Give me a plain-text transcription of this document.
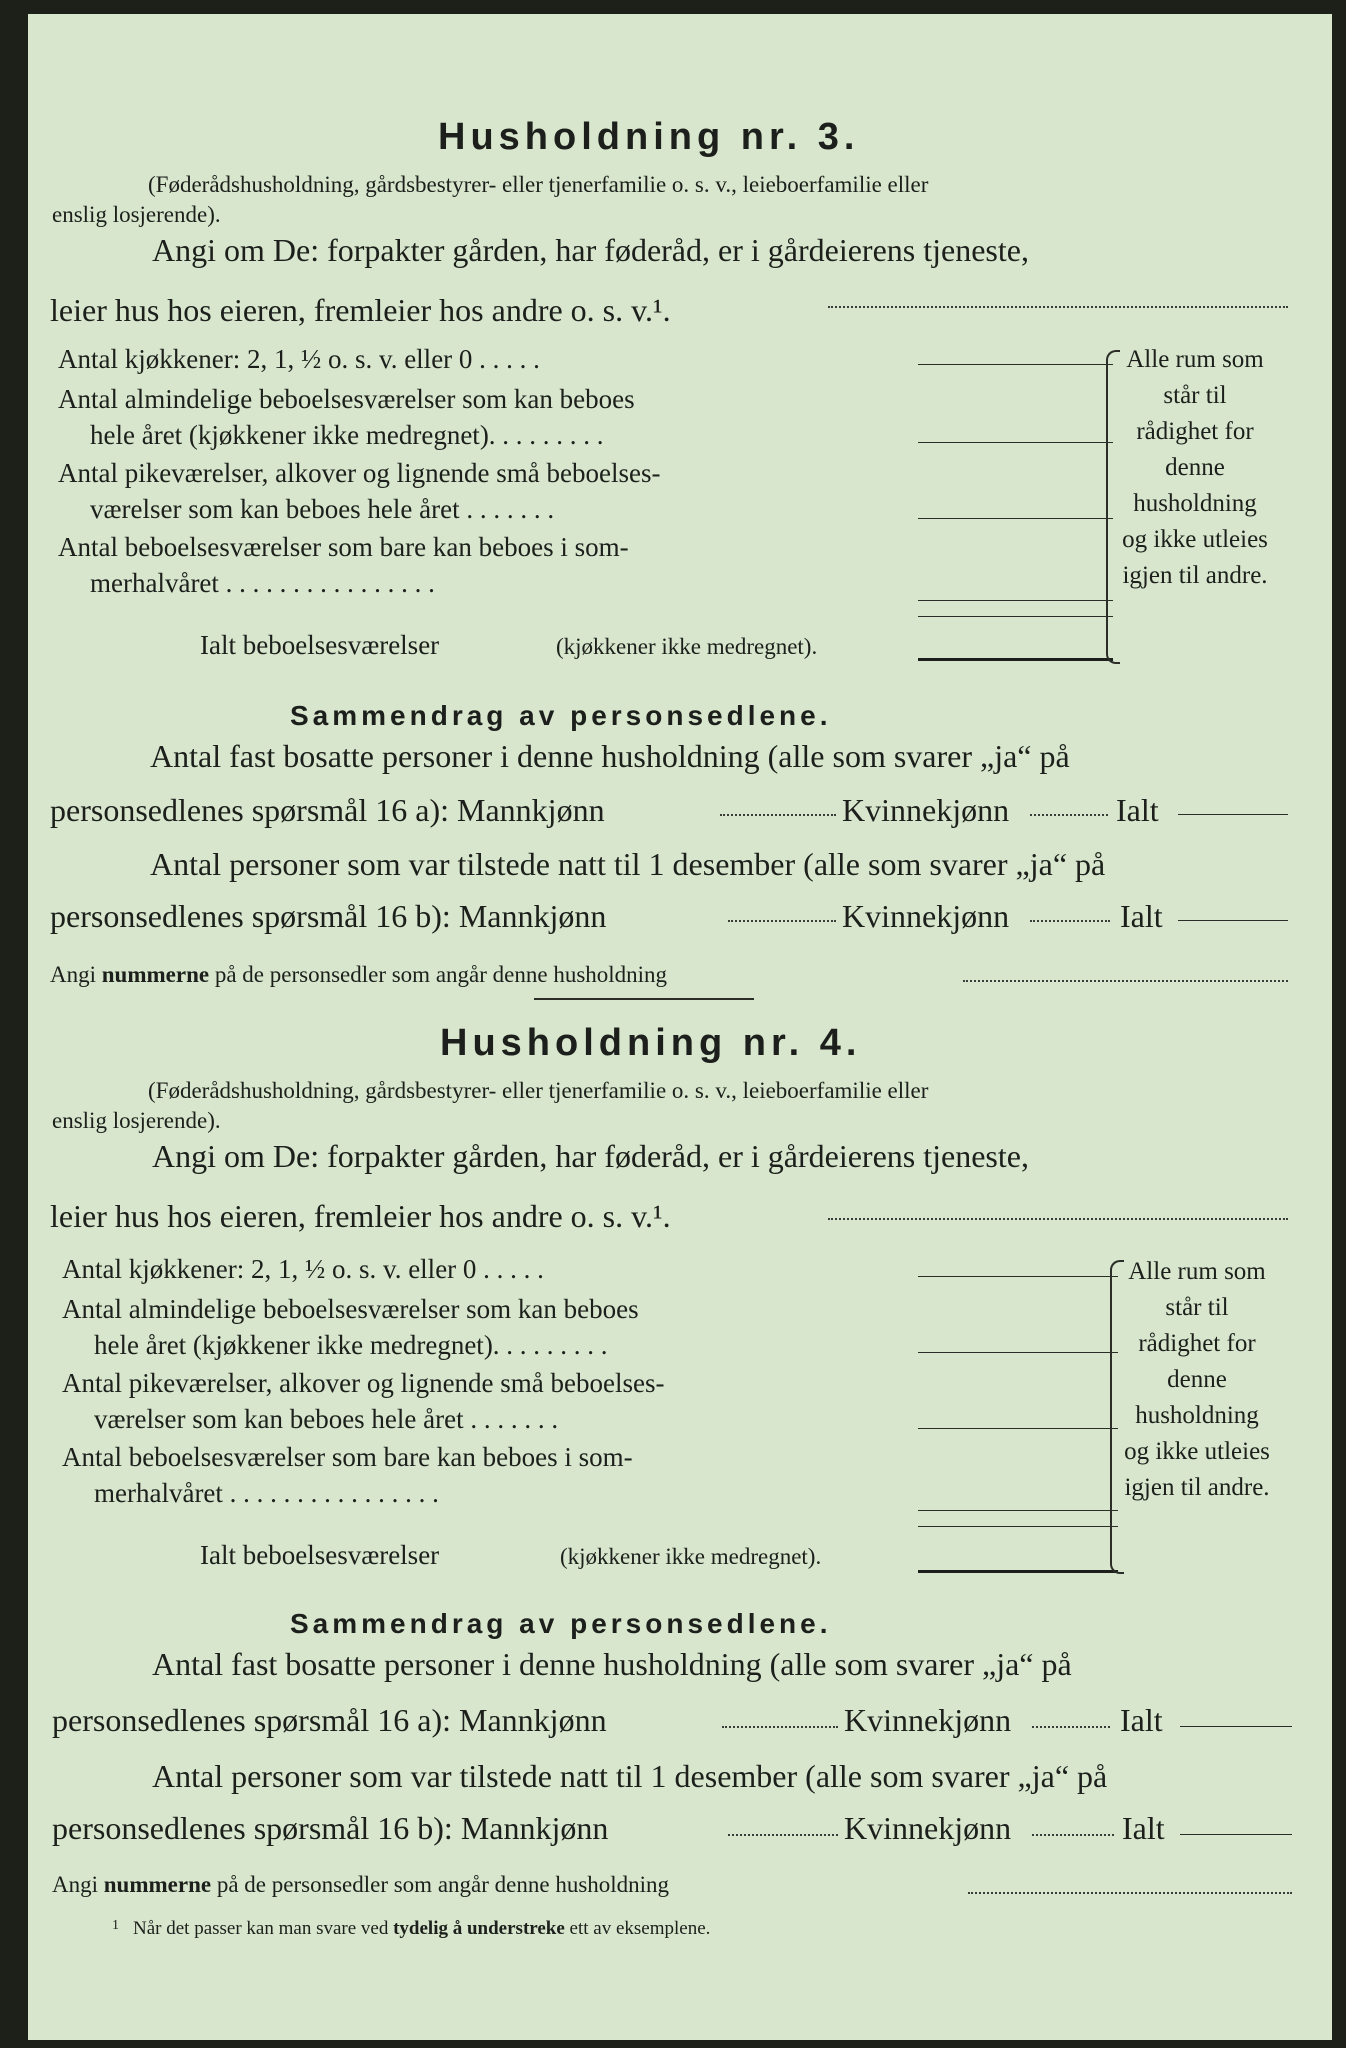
Husholdning nr. 3.
(Føderådshusholdning, gårdsbestyrer- eller tjenerfamilie o. s. v., leieboerfamilie eller
enslig losjerende).
Angi om De: forpakter gården, har føderåd, er i gårdeierens tjeneste,
leier hus hos eieren, fremleier hos andre o. s. v.¹.
Antal kjøkkener: 2, 1, ½ o. s. v. eller 0 . . . . .
Antal almindelige beboelsesværelser som kan beboes
hele året (kjøkkener ikke medregnet). . . . . . . . .
Antal pikeværelser, alkover og lignende små beboelses-
værelser som kan beboes hele året . . . . . . .
Antal beboelsesværelser som bare kan beboes i som-
merhalvåret . . . . . . . . . . . . . . . .
Ialt beboelsesværelser	(kjøkkener ikke medregnet).
Alle rum som står til rådighet for denne husholdning og ikke utleies igjen til andre.
Sammendrag av personsedlene.
Antal fast bosatte personer i denne husholdning (alle som svarer „ja“ på
personsedlenes spørsmål 16 a): Mannkjønn	Kvinnekjønn	Ialt
Antal personer som var tilstede natt til 1 desember (alle som svarer „ja“ på
personsedlenes spørsmål 16 b): Mannkjønn	Kvinnekjønn	Ialt
Angi nummerne på de personsedler som angår denne husholdning
Husholdning nr. 4.
(Føderådshusholdning, gårdsbestyrer- eller tjenerfamilie o. s. v., leieboerfamilie eller
enslig losjerende).
Angi om De: forpakter gården, har føderåd, er i gårdeierens tjeneste,
leier hus hos eieren, fremleier hos andre o. s. v.¹.
Antal kjøkkener: 2, 1, ½ o. s. v. eller 0 . . . . .
Antal almindelige beboelsesværelser som kan beboes
hele året (kjøkkener ikke medregnet). . . . . . . . .
Antal pikeværelser, alkover og lignende små beboelses-
værelser som kan beboes hele året . . . . . . .
Antal beboelsesværelser som bare kan beboes i som-
merhalvåret . . . . . . . . . . . . . . . .
Ialt beboelsesværelser	(kjøkkener ikke medregnet).
Alle rum som står til rådighet for denne husholdning og ikke utleies igjen til andre.
Sammendrag av personsedlene.
Antal fast bosatte personer i denne husholdning (alle som svarer „ja“ på
personsedlenes spørsmål 16 a): Mannkjønn	Kvinnekjønn	Ialt
Antal personer som var tilstede natt til 1 desember (alle som svarer „ja“ på
personsedlenes spørsmål 16 b): Mannkjønn	Kvinnekjønn	Ialt
Angi nummerne på de personsedler som angår denne husholdning
$^1$ Når det passer kan man svare ved tydelig å understreke ett av eksemplene.
